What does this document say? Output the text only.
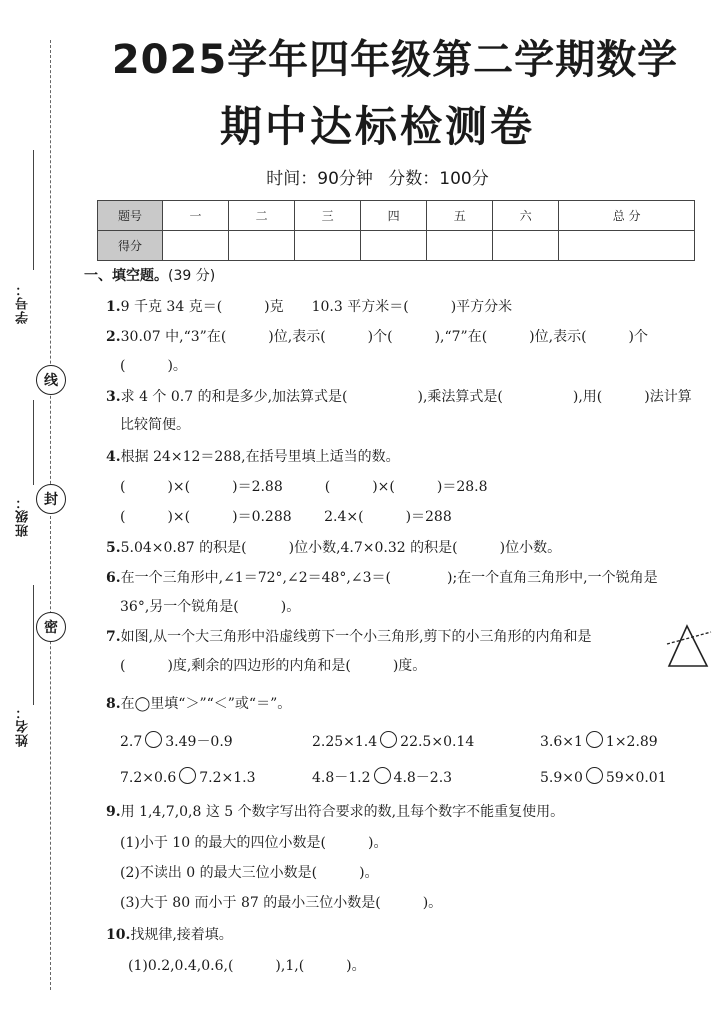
学号：
班级：
姓名：
线
封
密
2025学年四年级第二学期数学
期中达标检测卷
时间：90分钟 分数：100分
题号	一	二	三	四	五	六	总 分
得分							
一、填空题。(39 分)
1.9 千克 34 克＝(　　　)克　　10.3 平方米＝(　　　)平方分米
2.30.07 中,“3”在(　　　)位,表示(　　　)个(　　　),“7”在(　　　)位,表示(　　　)个
(　　　)。
3.求 4 个 0.7 的和是多少,加法算式是(　　　　　),乘法算式是(　　　　　),用(　　　)法计算
比较简便。
4.根据 24×12＝288,在括号里填上适当的数。
(　　　)×(　　　)＝2.88　　　(　　　)×(　　　)＝28.8
(　　　)×(　　　)＝0.288　　 2.4×(　　　)＝288
5.5.04×0.87 的积是(　　　)位小数,4.7×0.32 的积是(　　　)位小数。
6.在一个三角形中,∠1＝72°,∠2＝48°,∠3＝(　　　　);在一个直角三角形中,一个锐角是
36°,另一个锐角是(　　　)。
7.如图,从一个大三角形中沿虚线剪下一个小三角形,剪下的小三角形的内角和是
(　　　)度,剩余的四边形的内角和是(　　　)度。
8.在◯里填“＞”“＜”或“＝”。
2.7 3.49－0.9	2.25×1.4 22.5×0.14	3.6×1 1×2.89
7.2×0.6 7.2×1.3	4.8－1.2 4.8－2.3	5.9×0 59×0.01
9.用 1,4,7,0,8 这 5 个数字写出符合要求的数,且每个数字不能重复使用。
(1)小于 10 的最大的四位小数是(　　　)。
(2)不读出 0 的最大三位小数是(　　　)。
(3)大于 80 而小于 87 的最小三位小数是(　　　)。
10.找规律,接着填。
(1)0.2,0.4,0.6,(　　　),1,(　　　)。
